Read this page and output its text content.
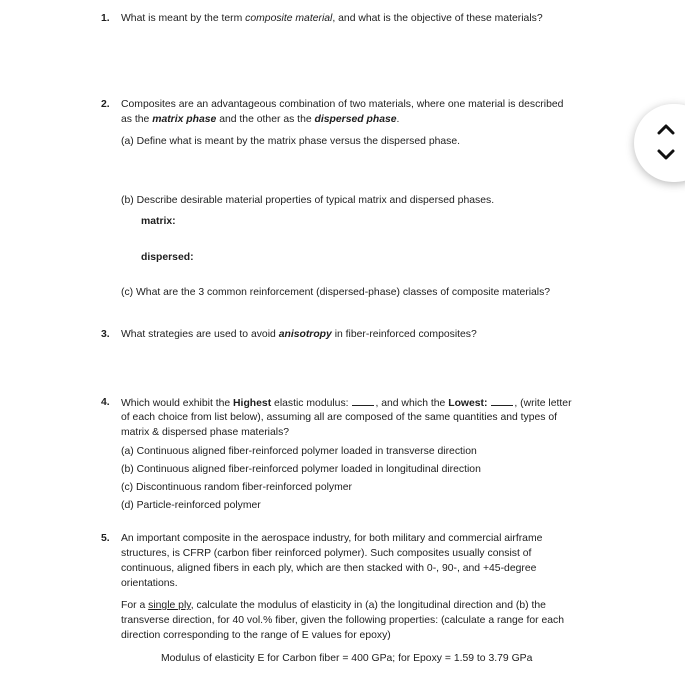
1. What is meant by the term composite material, and what is the objective of these materials?
2. Composites are an advantageous combination of two materials, where one material is described
as the matrix phase and the other as the dispersed phase.
(a) Define what is meant by the matrix phase versus the dispersed phase.
(b) Describe desirable material properties of typical matrix and dispersed phases.
matrix:
dispersed:
(c) What are the 3 common reinforcement (dispersed-phase) classes of composite materials?
3. What strategies are used to avoid anisotropy in fiber-reinforced composites?
4. Which would exhibit the Highest elastic modulus: , and which the Lowest:	, (write letter
of each choice from list below), assuming all are composed of the same quantities and types of
matrix & dispersed phase materials?
(a) Continuous aligned fiber-reinforced polymer loaded in transverse direction
(b) Continuous aligned fiber-reinforced polymer loaded in longitudinal direction
(c) Discontinuous random fiber-reinforced polymer
(d) Particle-reinforced polymer
5. An important composite in the aerospace industry, for both military and commercial airframe
structures, is CFRP (carbon fiber reinforced polymer). Such composites usually consist of
continuous, aligned fibers in each ply, which are then stacked with 0-, 90-, and +45-degree
orientations.
For a single ply, calculate the modulus of elasticity in (a) the longitudinal direction and (b) the
transverse direction, for 40 vol.% fiber, given the following properties: (calculate a range for each
direction corresponding to the range of E values for epoxy)
Modulus of elasticity E for Carbon fiber = 400 GPa; for Epoxy = 1.59 to 3.79 GPa
